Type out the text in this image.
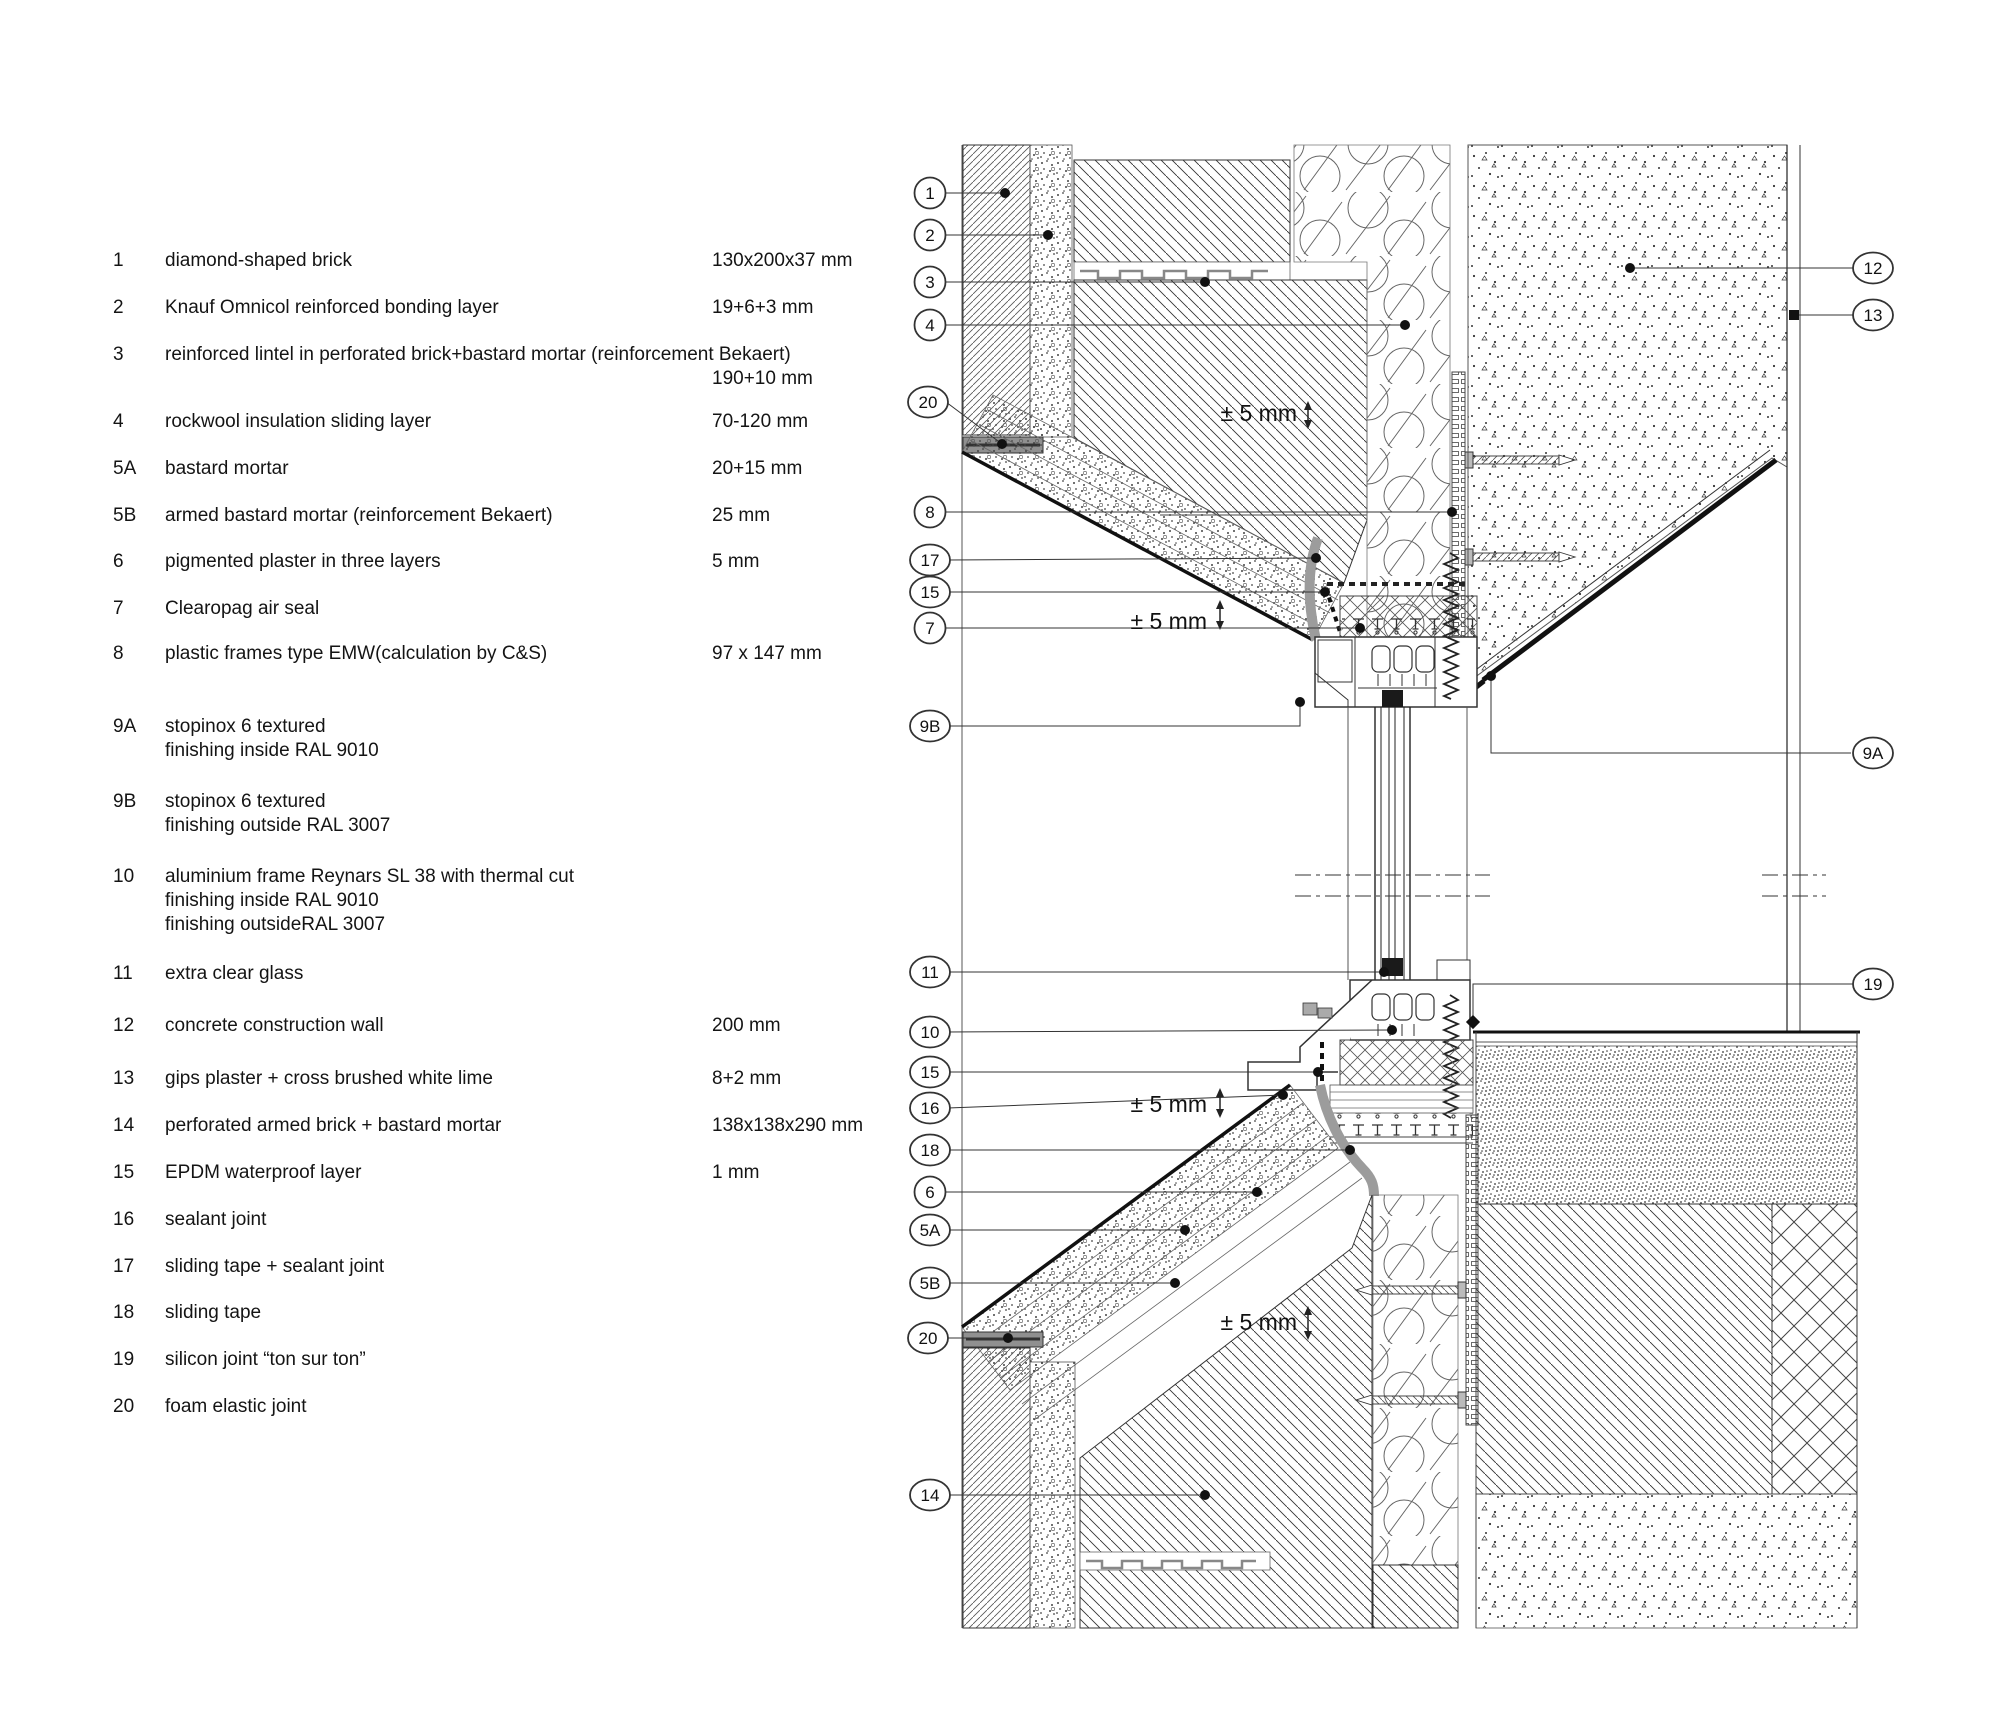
1 diamond-shaped brick	130x200x37 mm
2 Knauf Omnicol reinforced bonding layer	19+6+3 mm
3 reinforced lintel in perforated brick+bastard mortar (reinforcement Bekaert)
190+10 mm
4 rockwool insulation sliding layer	70-120 mm
5A bastard mortar	20+15 mm
5B armed bastard mortar (reinforcement Bekaert)	25 mm
6 pigmented plaster in three layers	5 mm
7 Clearopag air seal
8 plastic frames type EMW(calculation by C&S)	97 x 147 mm
9A stopinox 6 textured
finishing inside RAL 9010
9B stopinox 6 textured
finishing outside RAL 3007
10 aluminium frame Reynars SL 38 with thermal cut
finishing inside RAL 9010
finishing outsideRAL 3007
11 extra clear glass
12 concrete construction wall	200 mm
13 gips plaster + cross brushed white lime	8+2 mm
14 perforated armed brick + bastard mortar	138x138x290 mm
15 EPDM waterproof layer	1 mm
16 sealant joint
17 sliding tape + sealant joint
18 sliding tape
19 silicon joint “ton sur ton”
20 foam elastic joint
1
2
3
4
20
8
17
15
7
9B
11
10
15
16
18
6
5A
5B
20
14
12
13
9A
19
± 5 mm
± 5 mm
± 5 mm
± 5 mm
